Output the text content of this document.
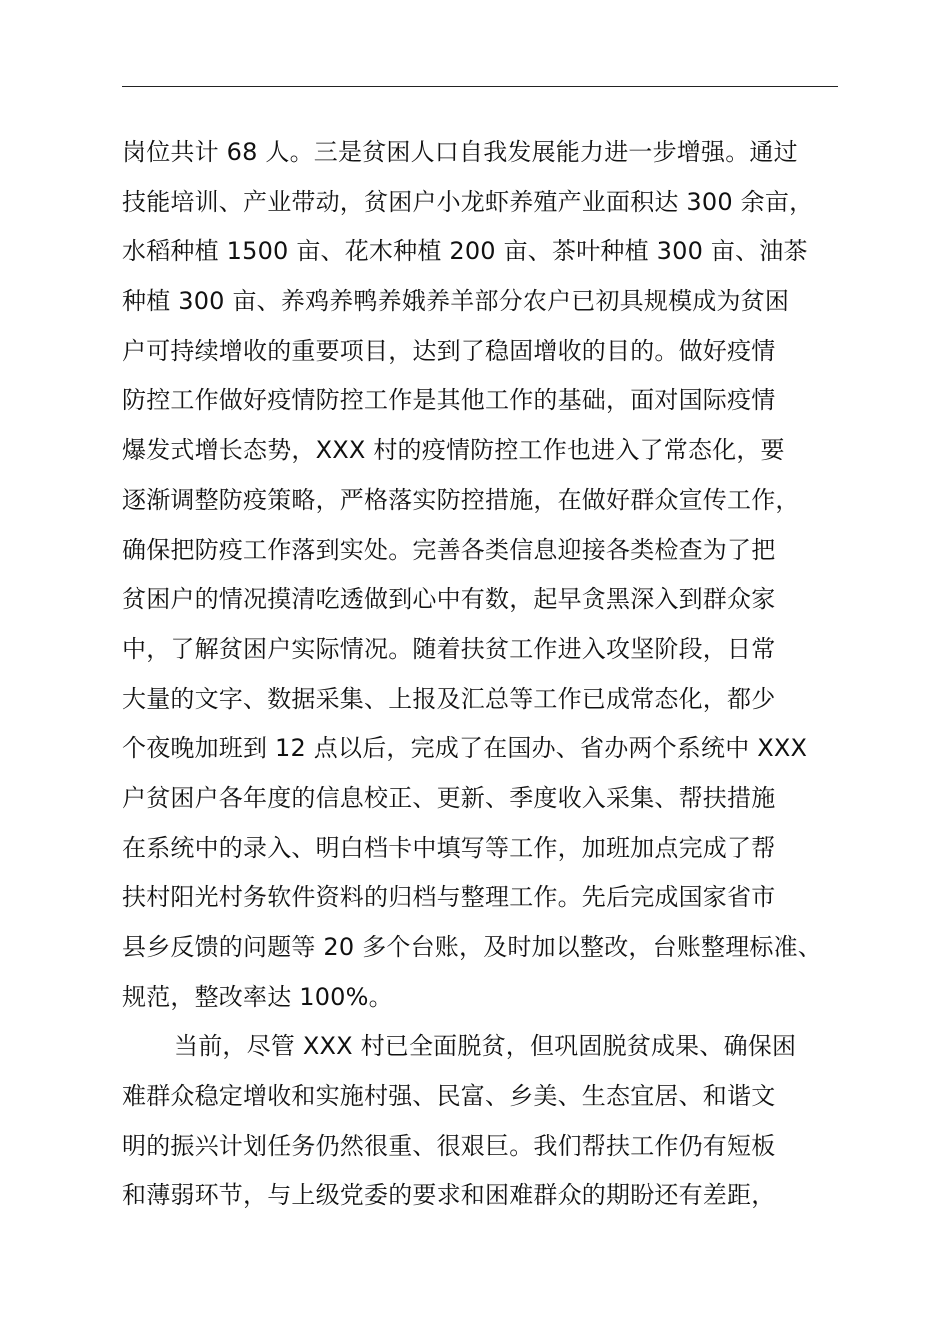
岗位共计 68 人。三是贫困人口自我发展能力进一步增强。通过
技能培训、产业带动，贫困户小龙虾养殖产业面积达 300 余亩，
水稻种植 1500 亩、花木种植 200 亩、茶叶种植 300 亩、油茶
种植 300 亩、养鸡养鸭养娥养羊部分农户已初具规模成为贫困
户可持续增收的重要项目，达到了稳固增收的目的。做好疫情
防控工作做好疫情防控工作是其他工作的基础，面对国际疫情
爆发式增长态势，XXX 村的疫情防控工作也进入了常态化，要
逐渐调整防疫策略，严格落实防控措施，在做好群众宣传工作，
确保把防疫工作落到实处。完善各类信息迎接各类检查为了把
贫困户的情况摸清吃透做到心中有数，起早贪黑深入到群众家
中，了解贫困户实际情况。随着扶贫工作进入攻坚阶段，日常
大量的文字、数据采集、上报及汇总等工作已成常态化，都少
个夜晚加班到 12 点以后，完成了在国办、省办两个系统中 XXX
户贫困户各年度的信息校正、更新、季度收入采集、帮扶措施
在系统中的录入、明白档卡中填写等工作，加班加点完成了帮
扶村阳光村务软件资料的归档与整理工作。先后完成国家省市
县乡反馈的问题等 20 多个台账，及时加以整改，台账整理标准、
规范，整改率达 100%。
当前，尽管 XXX 村已全面脱贫，但巩固脱贫成果、确保困
难群众稳定增收和实施村强、民富、乡美、生态宜居、和谐文
明的振兴计划任务仍然很重、很艰巨。我们帮扶工作仍有短板
和薄弱环节，与上级党委的要求和困难群众的期盼还有差距，
